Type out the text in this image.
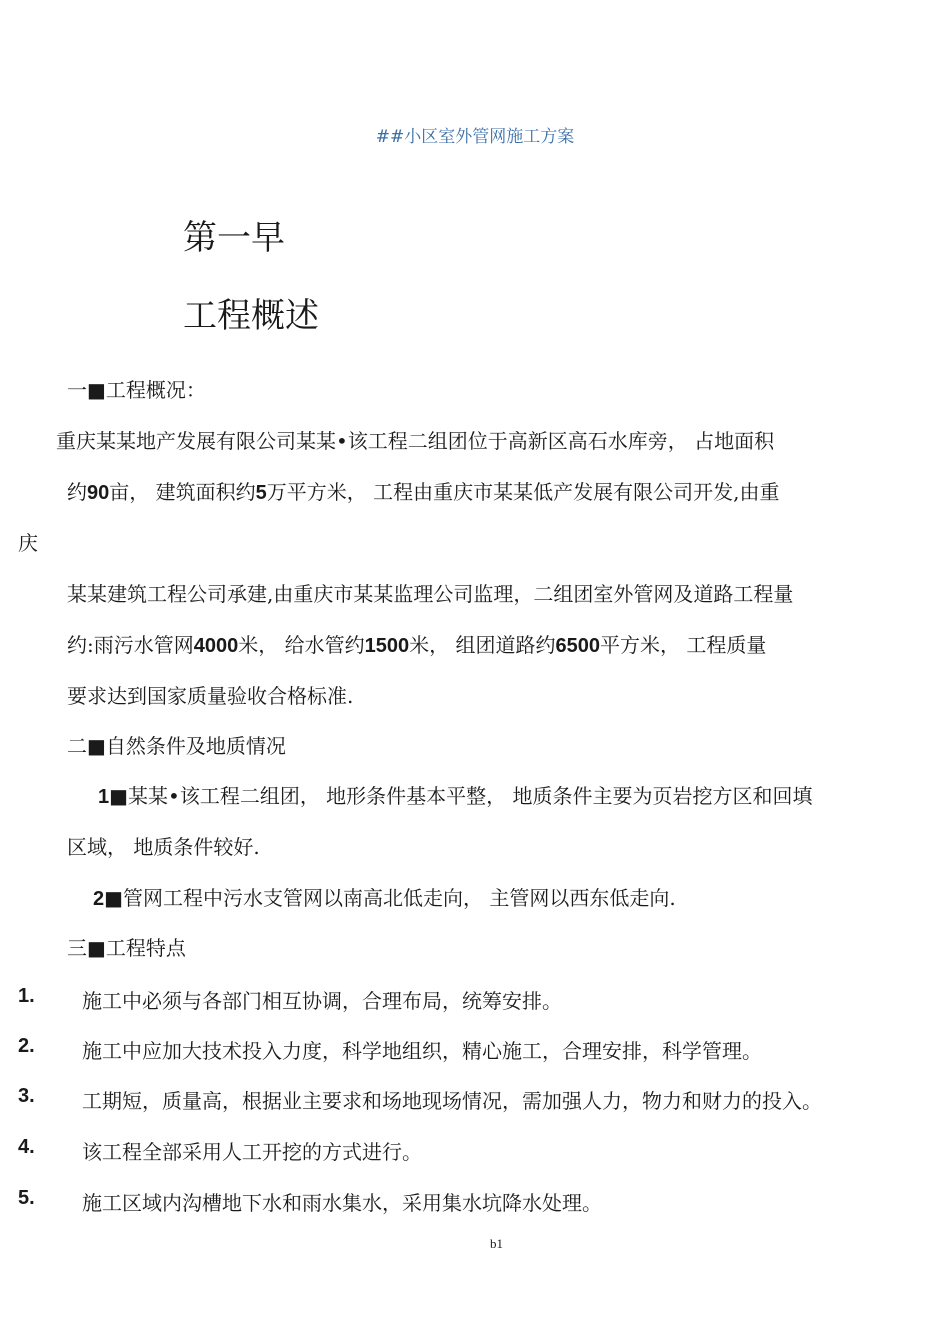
##小区室外管网施工方案
第一早
工程概述
一■工程概况：
重庆某某地产发展有限公司某某•该工程二组团位于高新区高石水库旁， 占地面积
约90亩， 建筑面积约5万平方米， 工程由重庆市某某低产发展有限公司开发,由重
庆
某某建筑工程公司承建,由重庆市某某监理公司监理，二组团室外管网及道路工程量
约:雨污水管网4000米， 给水管约1500米， 组团道路约6500平方米， 工程质量
要求达到国家质量验收合格标准.
二■自然条件及地质情况
1■某某•该工程二组团， 地形条件基本平整， 地质条件主要为页岩挖方区和回填
区域， 地质条件较好.
2■管网工程中污水支管网以南高北低走向， 主管网以西东低走向.
三■工程特点
1. 施工中必须与各部门相互协调，合理布局，统筹安排。
2. 施工中应加大技术投入力度，科学地组织，精心施工，合理安排，科学管理。
3. 工期短，质量高，根据业主要求和场地现场情况，需加强人力，物力和财力的投入。
4. 该工程全部采用人工开挖的方式进行。
5. 施工区域内沟槽地下水和雨水集水，采用集水坑降水处理。
b1
